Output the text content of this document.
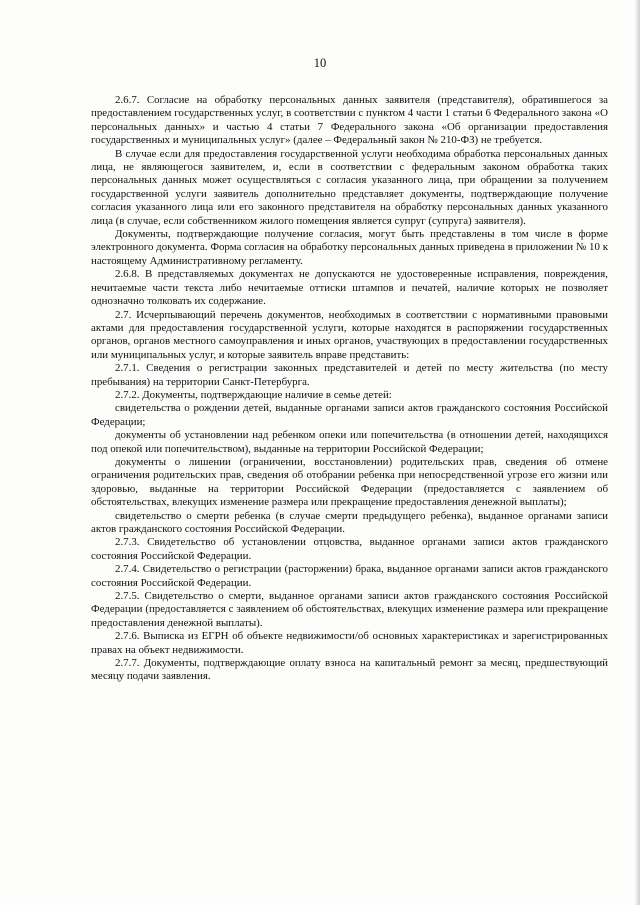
10

2.6.7. Согласие на обработку персональных данных заявителя (представителя), обратившегося за предоставлением государственных услуг, в соответствии с пунктом 4 части 1 статьи 6 Федерального закона «О персональных данных» и частью 4 статьи 7 Федерального закона «Об организации предоставления государственных и муниципальных услуг» (далее – Федеральный закон № 210-ФЗ) не требуется.

В случае если для предоставления государственной услуги необходима обработка персональных данных лица, не являющегося заявителем, и, если в соответствии с федеральным законом обработка таких персональных данных может осуществляться с согласия указанного лица, при обращении за получением государственной услуги заявитель дополнительно представляет документы, подтверждающие получение согласия указанного лица или его законного представителя на обработку персональных данных указанного лица (в случае, если собственником жилого помещения является супруг (супруга) заявителя).

Документы, подтверждающие получение согласия, могут быть представлены в том числе в форме электронного документа. Форма согласия на обработку персональных данных приведена в приложении № 10 к настоящему Административному регламенту.

2.6.8. В представляемых документах не допускаются не удостоверенные исправления, повреждения, нечитаемые части текста либо нечитаемые оттиски штампов и печатей, наличие которых не позволяет однозначно толковать их содержание.

2.7. Исчерпывающий перечень документов, необходимых в соответствии с нормативными правовыми актами для предоставления государственной услуги, которые находятся в распоряжении государственных органов, органов местного самоуправления и иных органов, участвующих в предоставлении государственных или муниципальных услуг, и которые заявитель вправе представить:

2.7.1. Сведения о регистрации законных представителей и детей по месту жительства (по месту пребывания) на территории Санкт-Петербурга.

2.7.2. Документы, подтверждающие наличие в семье детей:

свидетельства о рождении детей, выданные органами записи актов гражданского состояния Российской Федерации;

документы об установлении над ребенком опеки или попечительства (в отношении детей, находящихся под опекой или попечительством), выданные на территории Российской Федерации;

документы о лишении (ограничении, восстановлении) родительских прав, сведения об отмене ограничения родительских прав, сведения об отобрании ребенка при непосредственной угрозе его жизни или здоровью, выданные на территории Российской Федерации (предоставляется с заявлением об обстоятельствах, влекущих изменение размера или прекращение предоставления денежной выплаты);

свидетельство о смерти ребенка (в случае смерти предыдущего ребенка), выданное органами записи актов гражданского состояния Российской Федерации.

2.7.3. Свидетельство об установлении отцовства, выданное органами записи актов гражданского состояния Российской Федерации.

2.7.4. Свидетельство о регистрации (расторжении) брака, выданное органами записи актов гражданского состояния Российской Федерации.

2.7.5. Свидетельство о смерти, выданное органами записи актов гражданского состояния Российской Федерации (предоставляется с заявлением об обстоятельствах, влекущих изменение размера или прекращение предоставления денежной выплаты).

2.7.6. Выписка из ЕГРН об объекте недвижимости/об основных характеристиках и зарегистрированных правах на объект недвижимости.

2.7.7. Документы, подтверждающие оплату взноса на капитальный ремонт за месяц, предшествующий месяцу подачи заявления.
